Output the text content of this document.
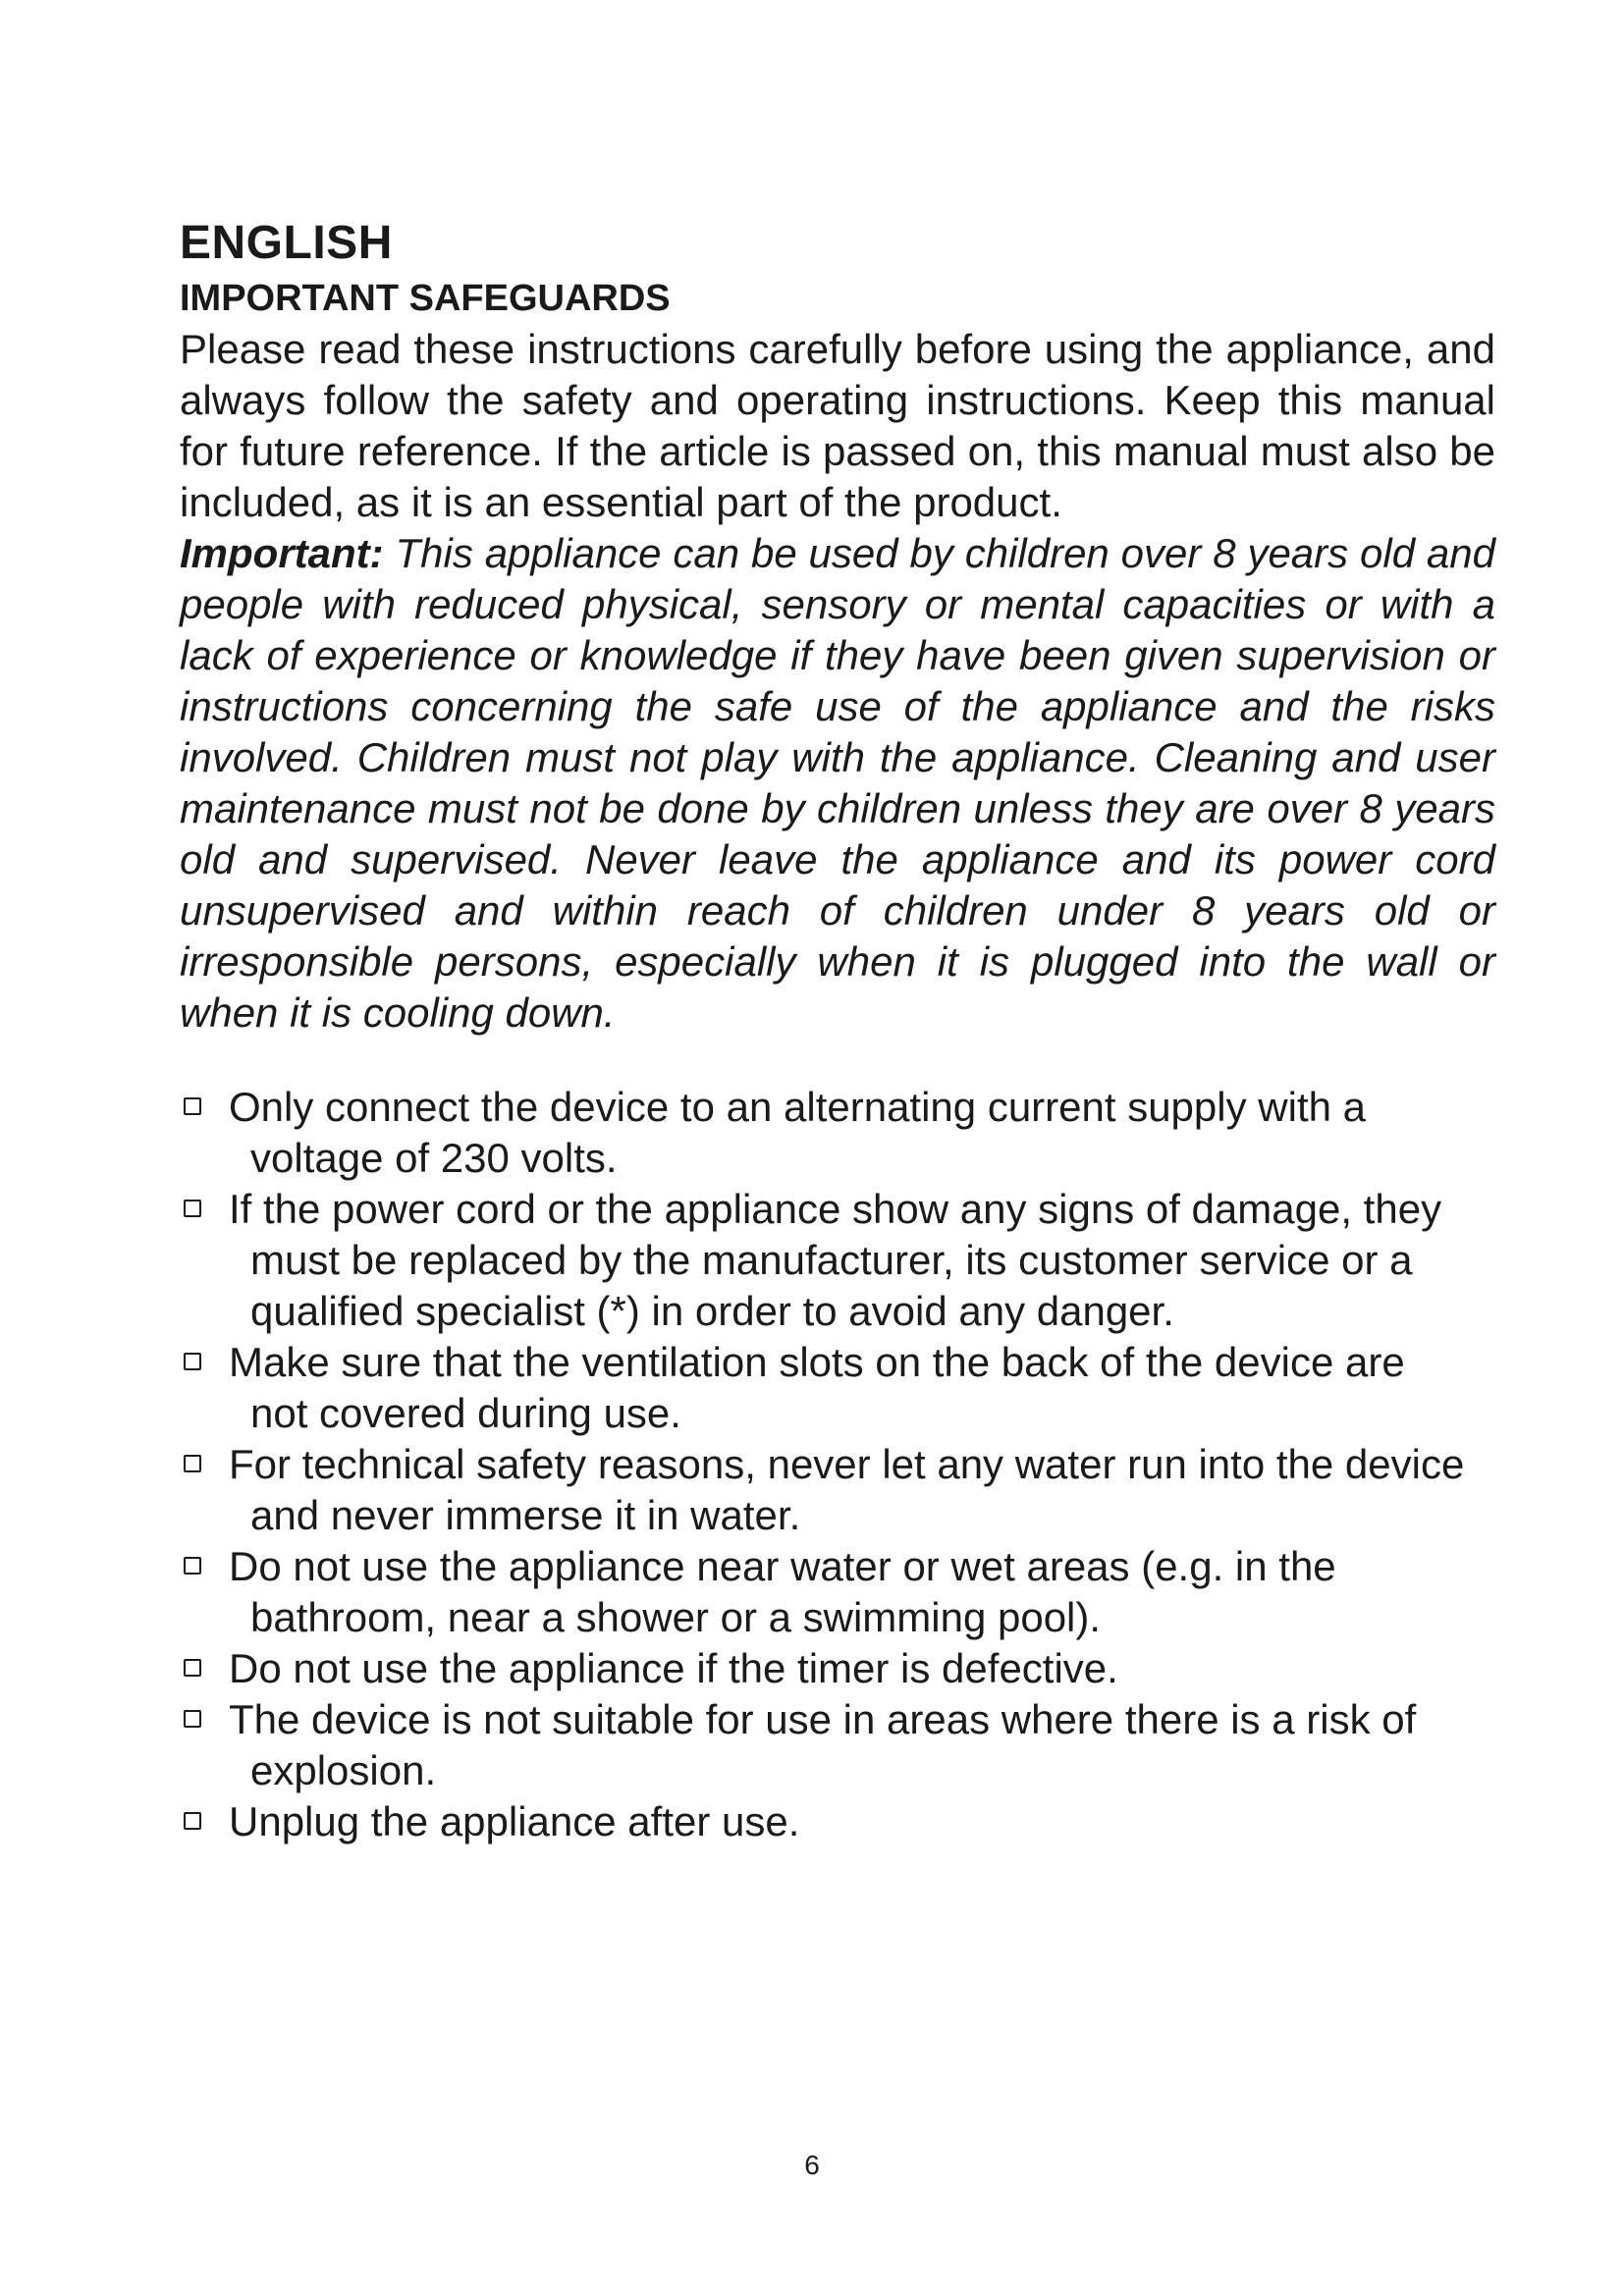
ENGLISH
IMPORTANT SAFEGUARDS

Please read these instructions carefully before using the appliance, and always follow the safety and operating instructions. Keep this manual for future reference. If the article is passed on, this manual must also be included, as it is an essential part of the product.

Important: This appliance can be used by children over 8 years old and people with reduced physical, sensory or mental capacities or with a lack of experience or knowledge if they have been given supervision or instructions concerning the safe use of the appliance and the risks involved. Children must not play with the appliance. Cleaning and user maintenance must not be done by children unless they are over 8 years old and supervised. Never leave the appliance and its power cord unsupervised and within reach of children under 8 years old or irresponsible persons, especially when it is plugged into the wall or when it is cooling down.

Only connect the device to an alternating current supply with a voltage of 230 volts.
If the power cord or the appliance show any signs of damage, they must be replaced by the manufacturer, its customer service or a qualified specialist (*) in order to avoid any danger.
Make sure that the ventilation slots on the back of the device are not covered during use.
For technical safety reasons, never let any water run into the device and never immerse it in water.
Do not use the appliance near water or wet areas (e.g. in the bathroom, near a shower or a swimming pool).
Do not use the appliance if the timer is defective.
The device is not suitable for use in areas where there is a risk of explosion.
Unplug the appliance after use.
6
